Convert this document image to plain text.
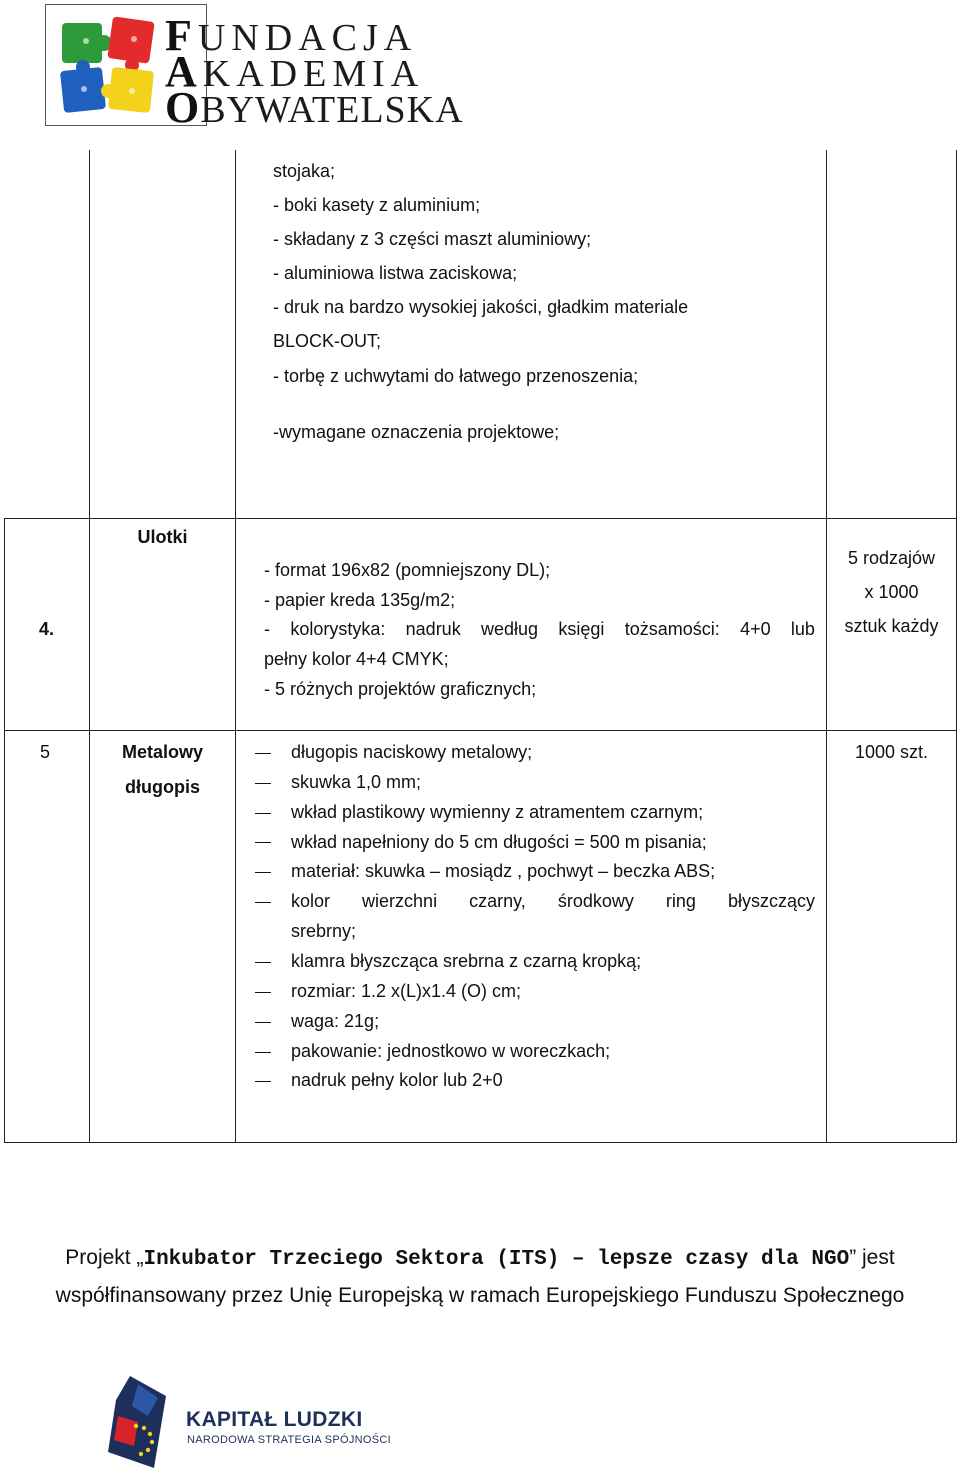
FUNDACJA
AKADEMIA
OBYWATELSKA
stojaka;
- boki kasety z aluminium;
- składany z 3 części maszt aluminiowy;
- aluminiowa listwa zaciskowa;
- druk na bardzo wysokiej jakości, gładkim materiale
BLOCK-OUT;
- torbę z uchwytami do łatwego przenoszenia;
-wymagane oznaczenia projektowe;
4.
Ulotki
- format 196x82 (pomniejszony DL);
- papier kreda 135g/m2;
- kolorystyka: nadruk według księgi tożsamości: 4+0 lub
pełny kolor 4+4 CMYK;
- 5 różnych projektów graficznych;
5 rodzajów
x 1000
sztuk każdy
5	Metalowy
długopis
długopis naciskowy metalowy;
skuwka 1,0 mm;
wkład plastikowy wymienny z atramentem czarnym;
wkład napełniony do 5 cm długości = 500 m pisania;
materiał: skuwka – mosiądz , pochwyt – beczka ABS;
kolor wierzchni czarny, środkowy ring błyszczący
srebrny;
klamra błyszcząca srebrna z czarną kropką;
rozmiar: 1.2 x(L)x1.4 (O) cm;
waga: 21g;
pakowanie: jednostkowo w woreczkach;
nadruk pełny kolor lub 2+0
1000 szt.
Projekt „Inkubator Trzeciego Sektora (ITS) – lepsze czasy dla NGO” jest
współfinansowany przez Unię Europejską w ramach Europejskiego Funduszu Społecznego
KAPITAŁ LUDZKI
NARODOWA STRATEGIA SPÓJNOŚCI
